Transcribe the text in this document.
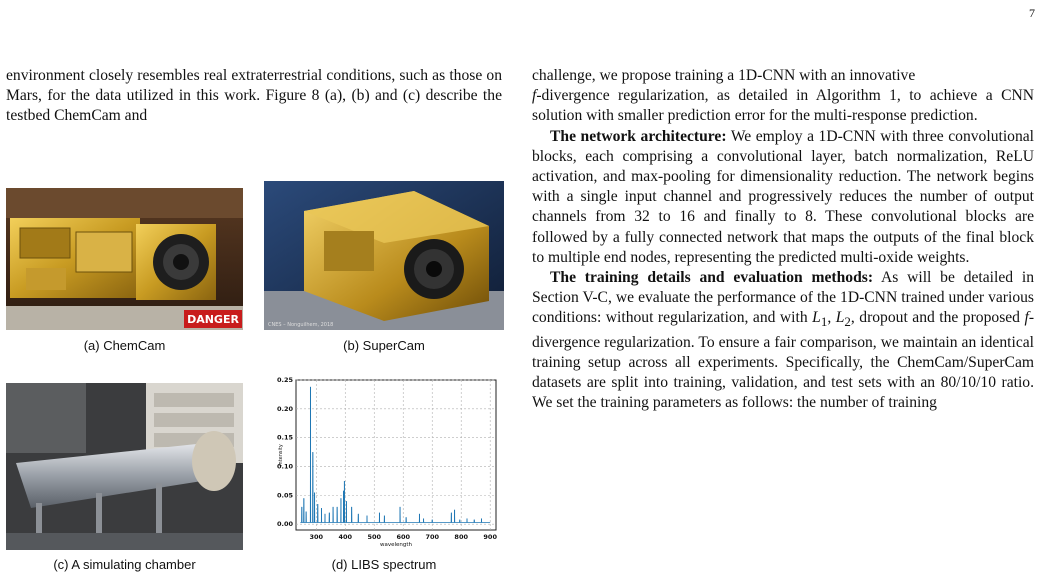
7

environment closely resembles real extraterrestrial conditions, such as those on Mars, for the data utilized in this work. Figure 8 (a), (b) and (c) describe the testbed ChemCam and

DANGER
(a) ChemCam
CNES – Nonguilhem, 2018
(b) SuperCam
(c) A simulating chamber
0.00
0.05
0.10
0.15
0.20
0.25
300 400 500 600 700 800 900
intensity
wavelength
(d) LIBS spectrum

challenge, we propose training a 1D-CNN with an innovative
f-divergence regularization, as detailed in Algorithm 1, to achieve a CNN solution with smaller prediction error for the multi-response prediction.

The network architecture: We employ a 1D-CNN with three convolutional blocks, each comprising a convolutional layer, batch normalization, ReLU activation, and max-pooling for dimensionality reduction. The network begins with a single input channel and progressively reduces the number of output channels from 32 to 16 and finally to 8. These convolutional blocks are followed by a fully connected network that maps the outputs of the final block to multiple end nodes, representing the predicted multi-oxide weights.

The training details and evaluation methods: As will be detailed in Section V-C, we evaluate the performance of the 1D-CNN trained under various conditions: without regularization, and with $L_1$, $L_2$, dropout and the proposed f-divergence regularization. To ensure a fair comparison, we maintain an identical training setup across all experiments. Specifically, the ChemCam/SuperCam datasets are split into training, validation, and test sets with an 80/10/10 ratio. We set the training parameters as follows: the number of training
